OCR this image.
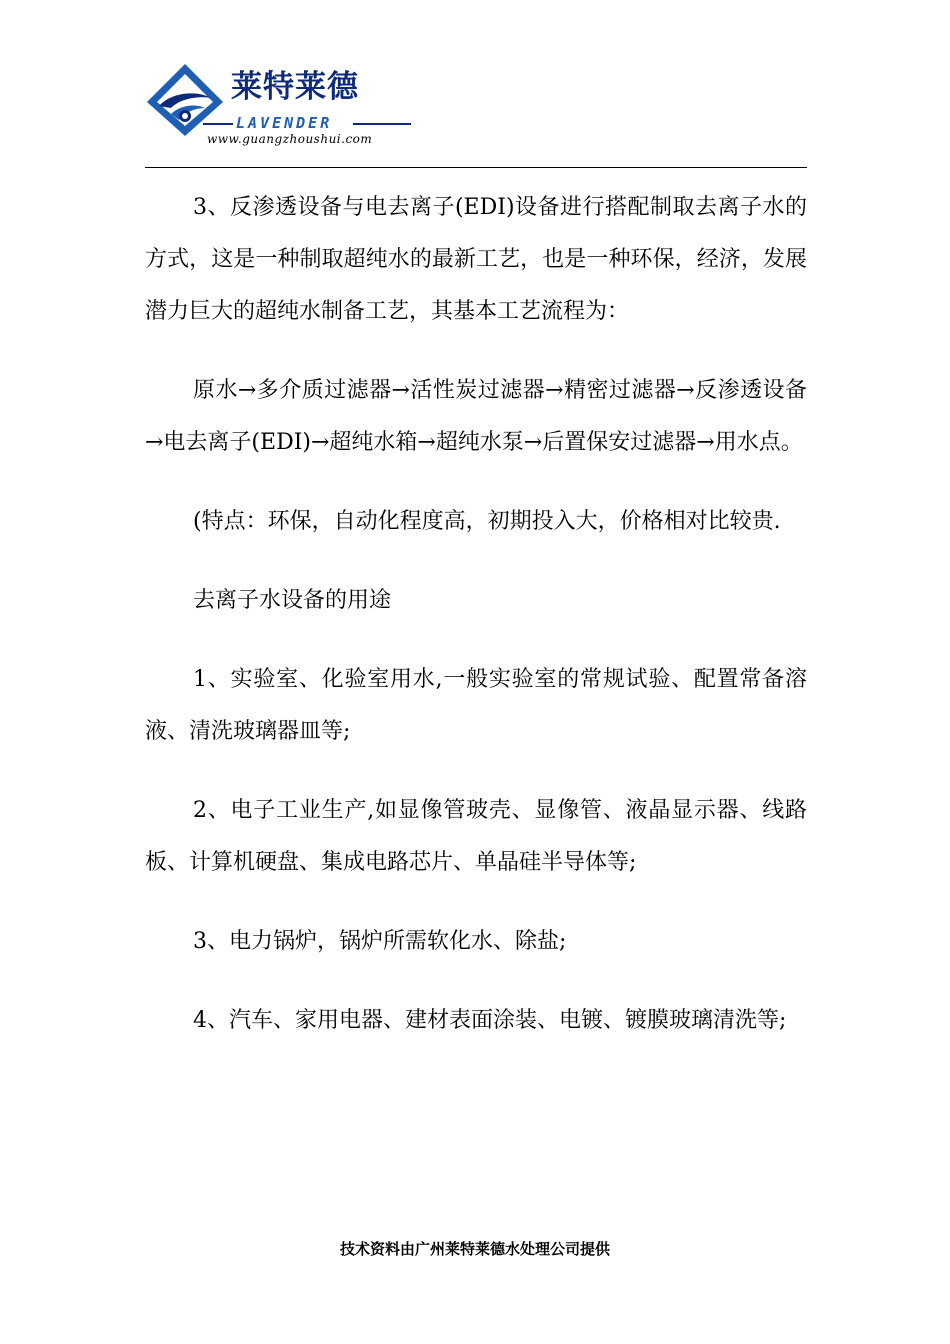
莱特莱德
LAVENDER
www.guangzhoushui.com

3、反渗透设备与电去离子(EDI)设备进行搭配制取去离子水的方式，这是一种制取超纯水的最新工艺，也是一种环保，经济，发展潜力巨大的超纯水制备工艺，其基本工艺流程为：

原水→多介质过滤器→活性炭过滤器→精密过滤器→反渗透设备→电去离子(EDI)→超纯水箱→超纯水泵→后置保安过滤器→用水点。

(特点：环保，自动化程度高，初期投入大，价格相对比较贵.

去离子水设备的用途

1、实验室、化验室用水,一般实验室的常规试验、配置常备溶液、清洗玻璃器皿等;

2、电子工业生产,如显像管玻壳、显像管、液晶显示器、线路板、计算机硬盘、集成电路芯片、单晶硅半导体等;

3、电力锅炉，锅炉所需软化水、除盐;

4、汽车、家用电器、建材表面涂装、电镀、镀膜玻璃清洗等;

技术资料由广州莱特莱德水处理公司提供
